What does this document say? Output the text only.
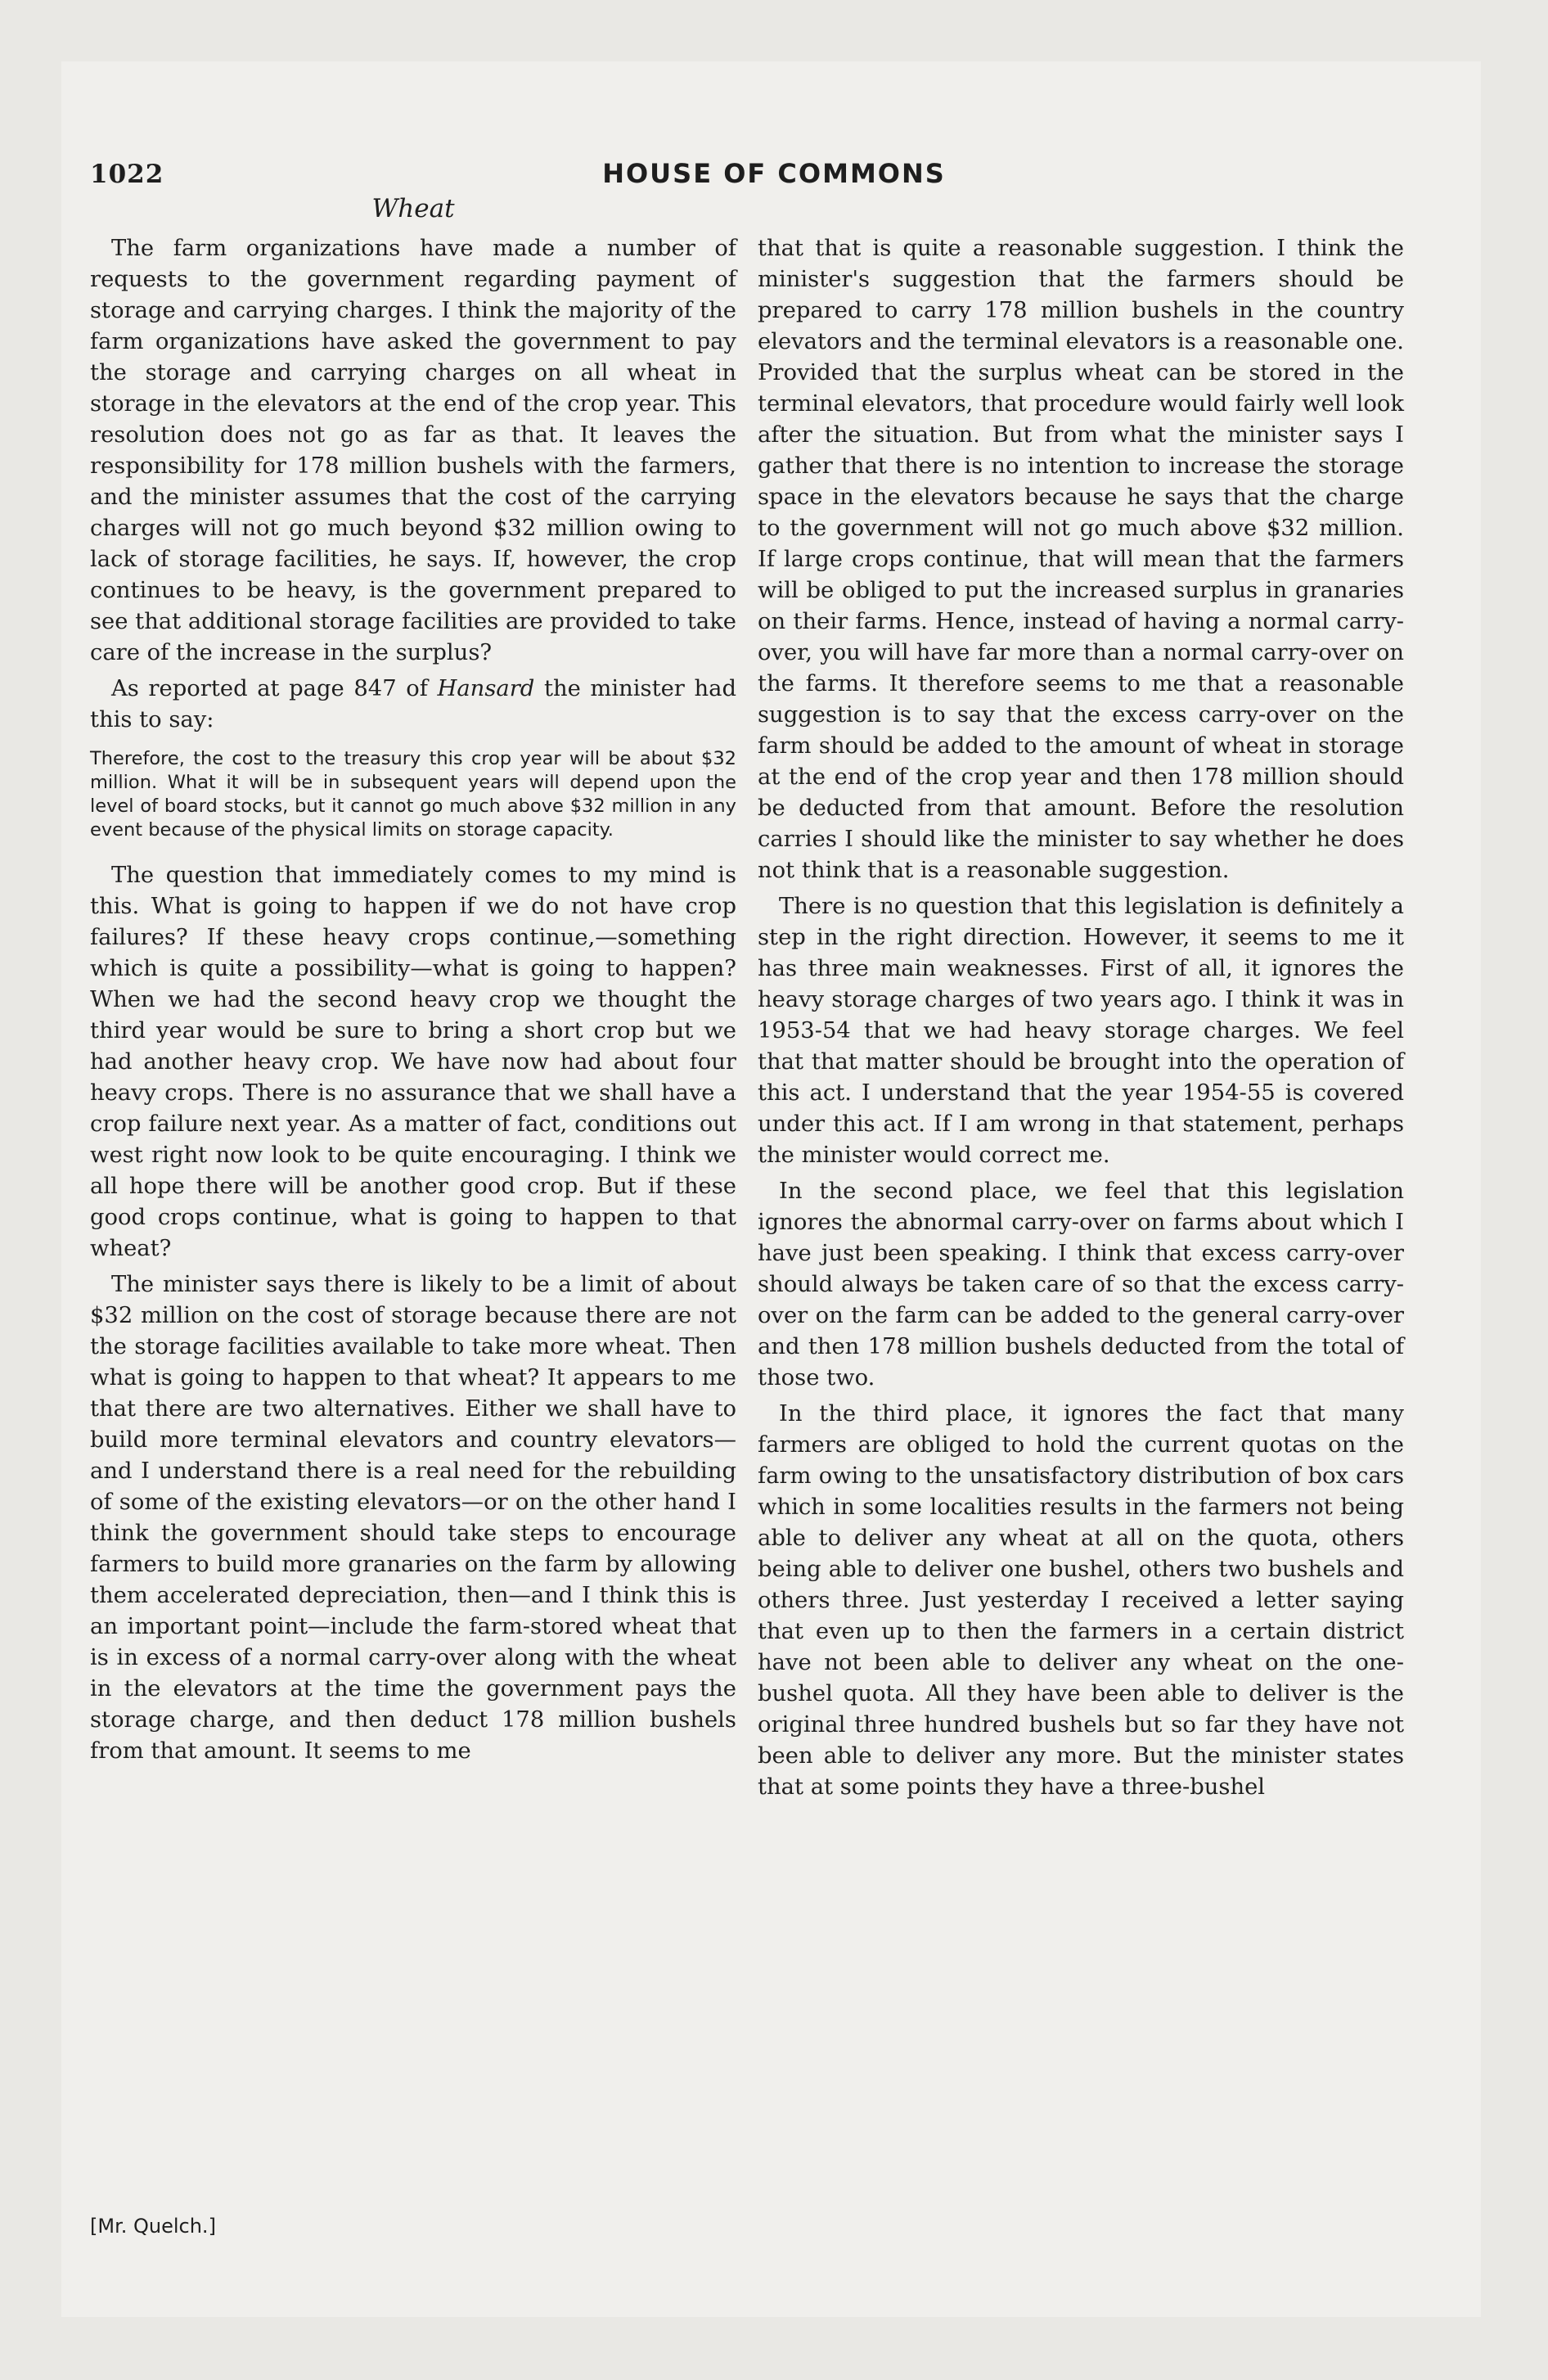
1022	HOUSE OF COMMONS
Wheat

The farm organizations have made a number of requests to the government regarding payment of storage and carrying charges. I think the majority of the farm organizations have asked the government to pay the storage and carrying charges on all wheat in storage in the elevators at the end of the crop year. This resolution does not go as far as that. It leaves the responsibility for 178 million bushels with the farmers, and the minister assumes that the cost of the carrying charges will not go much beyond $32 million owing to lack of storage facilities, he says. If, however, the crop continues to be heavy, is the government prepared to see that additional storage facilities are provided to take care of the increase in the surplus?

As reported at page 847 of Hansard the minister had this to say:

Therefore, the cost to the treasury this crop year will be about $32 million. What it will be in subsequent years will depend upon the level of board stocks, but it cannot go much above $32 million in any event because of the physical limits on storage capacity.

The question that immediately comes to my mind is this. What is going to happen if we do not have crop failures? If these heavy crops continue,—something which is quite a possibility—what is going to happen? When we had the second heavy crop we thought the third year would be sure to bring a short crop but we had another heavy crop. We have now had about four heavy crops. There is no assurance that we shall have a crop failure next year. As a matter of fact, conditions out west right now look to be quite encouraging. I think we all hope there will be another good crop. But if these good crops continue, what is going to happen to that wheat?

The minister says there is likely to be a limit of about $32 million on the cost of storage because there are not the storage facilities available to take more wheat. Then what is going to happen to that wheat? It appears to me that there are two alternatives. Either we shall have to build more terminal elevators and country elevators—and I understand there is a real need for the rebuilding of some of the existing elevators—or on the other hand I think the government should take steps to encourage farmers to build more granaries on the farm by allowing them accelerated depreciation, then—and I think this is an important point—include the farm-stored wheat that is in excess of a normal carry-over along with the wheat in the elevators at the time the government pays the storage charge, and then deduct 178 million bushels from that amount. It seems to me

that that is quite a reasonable suggestion. I think the minister's suggestion that the farmers should be prepared to carry 178 million bushels in the country elevators and the terminal elevators is a reasonable one. Provided that the surplus wheat can be stored in the terminal elevators, that procedure would fairly well look after the situation. But from what the minister says I gather that there is no intention to increase the storage space in the elevators because he says that the charge to the government will not go much above $32 million. If large crops continue, that will mean that the farmers will be obliged to put the increased surplus in granaries on their farms. Hence, instead of having a normal carry-over, you will have far more than a normal carry-over on the farms. It therefore seems to me that a reasonable suggestion is to say that the excess carry-over on the farm should be added to the amount of wheat in storage at the end of the crop year and then 178 million should be deducted from that amount. Before the resolution carries I should like the minister to say whether he does not think that is a reasonable suggestion.

There is no question that this legislation is definitely a step in the right direction. However, it seems to me it has three main weaknesses. First of all, it ignores the heavy storage charges of two years ago. I think it was in 1953-54 that we had heavy storage charges. We feel that that matter should be brought into the operation of this act. I understand that the year 1954-55 is covered under this act. If I am wrong in that statement, perhaps the minister would correct me.

In the second place, we feel that this legislation ignores the abnormal carry-over on farms about which I have just been speaking. I think that excess carry-over should always be taken care of so that the excess carry-over on the farm can be added to the general carry-over and then 178 million bushels deducted from the total of those two.

In the third place, it ignores the fact that many farmers are obliged to hold the current quotas on the farm owing to the unsatisfactory distribution of box cars which in some localities results in the farmers not being able to deliver any wheat at all on the quota, others being able to deliver one bushel, others two bushels and others three. Just yesterday I received a letter saying that even up to then the farmers in a certain district have not been able to deliver any wheat on the one-bushel quota. All they have been able to deliver is the original three hundred bushels but so far they have not been able to deliver any more. But the minister states that at some points they have a three-bushel

[Mr. Quelch.]
